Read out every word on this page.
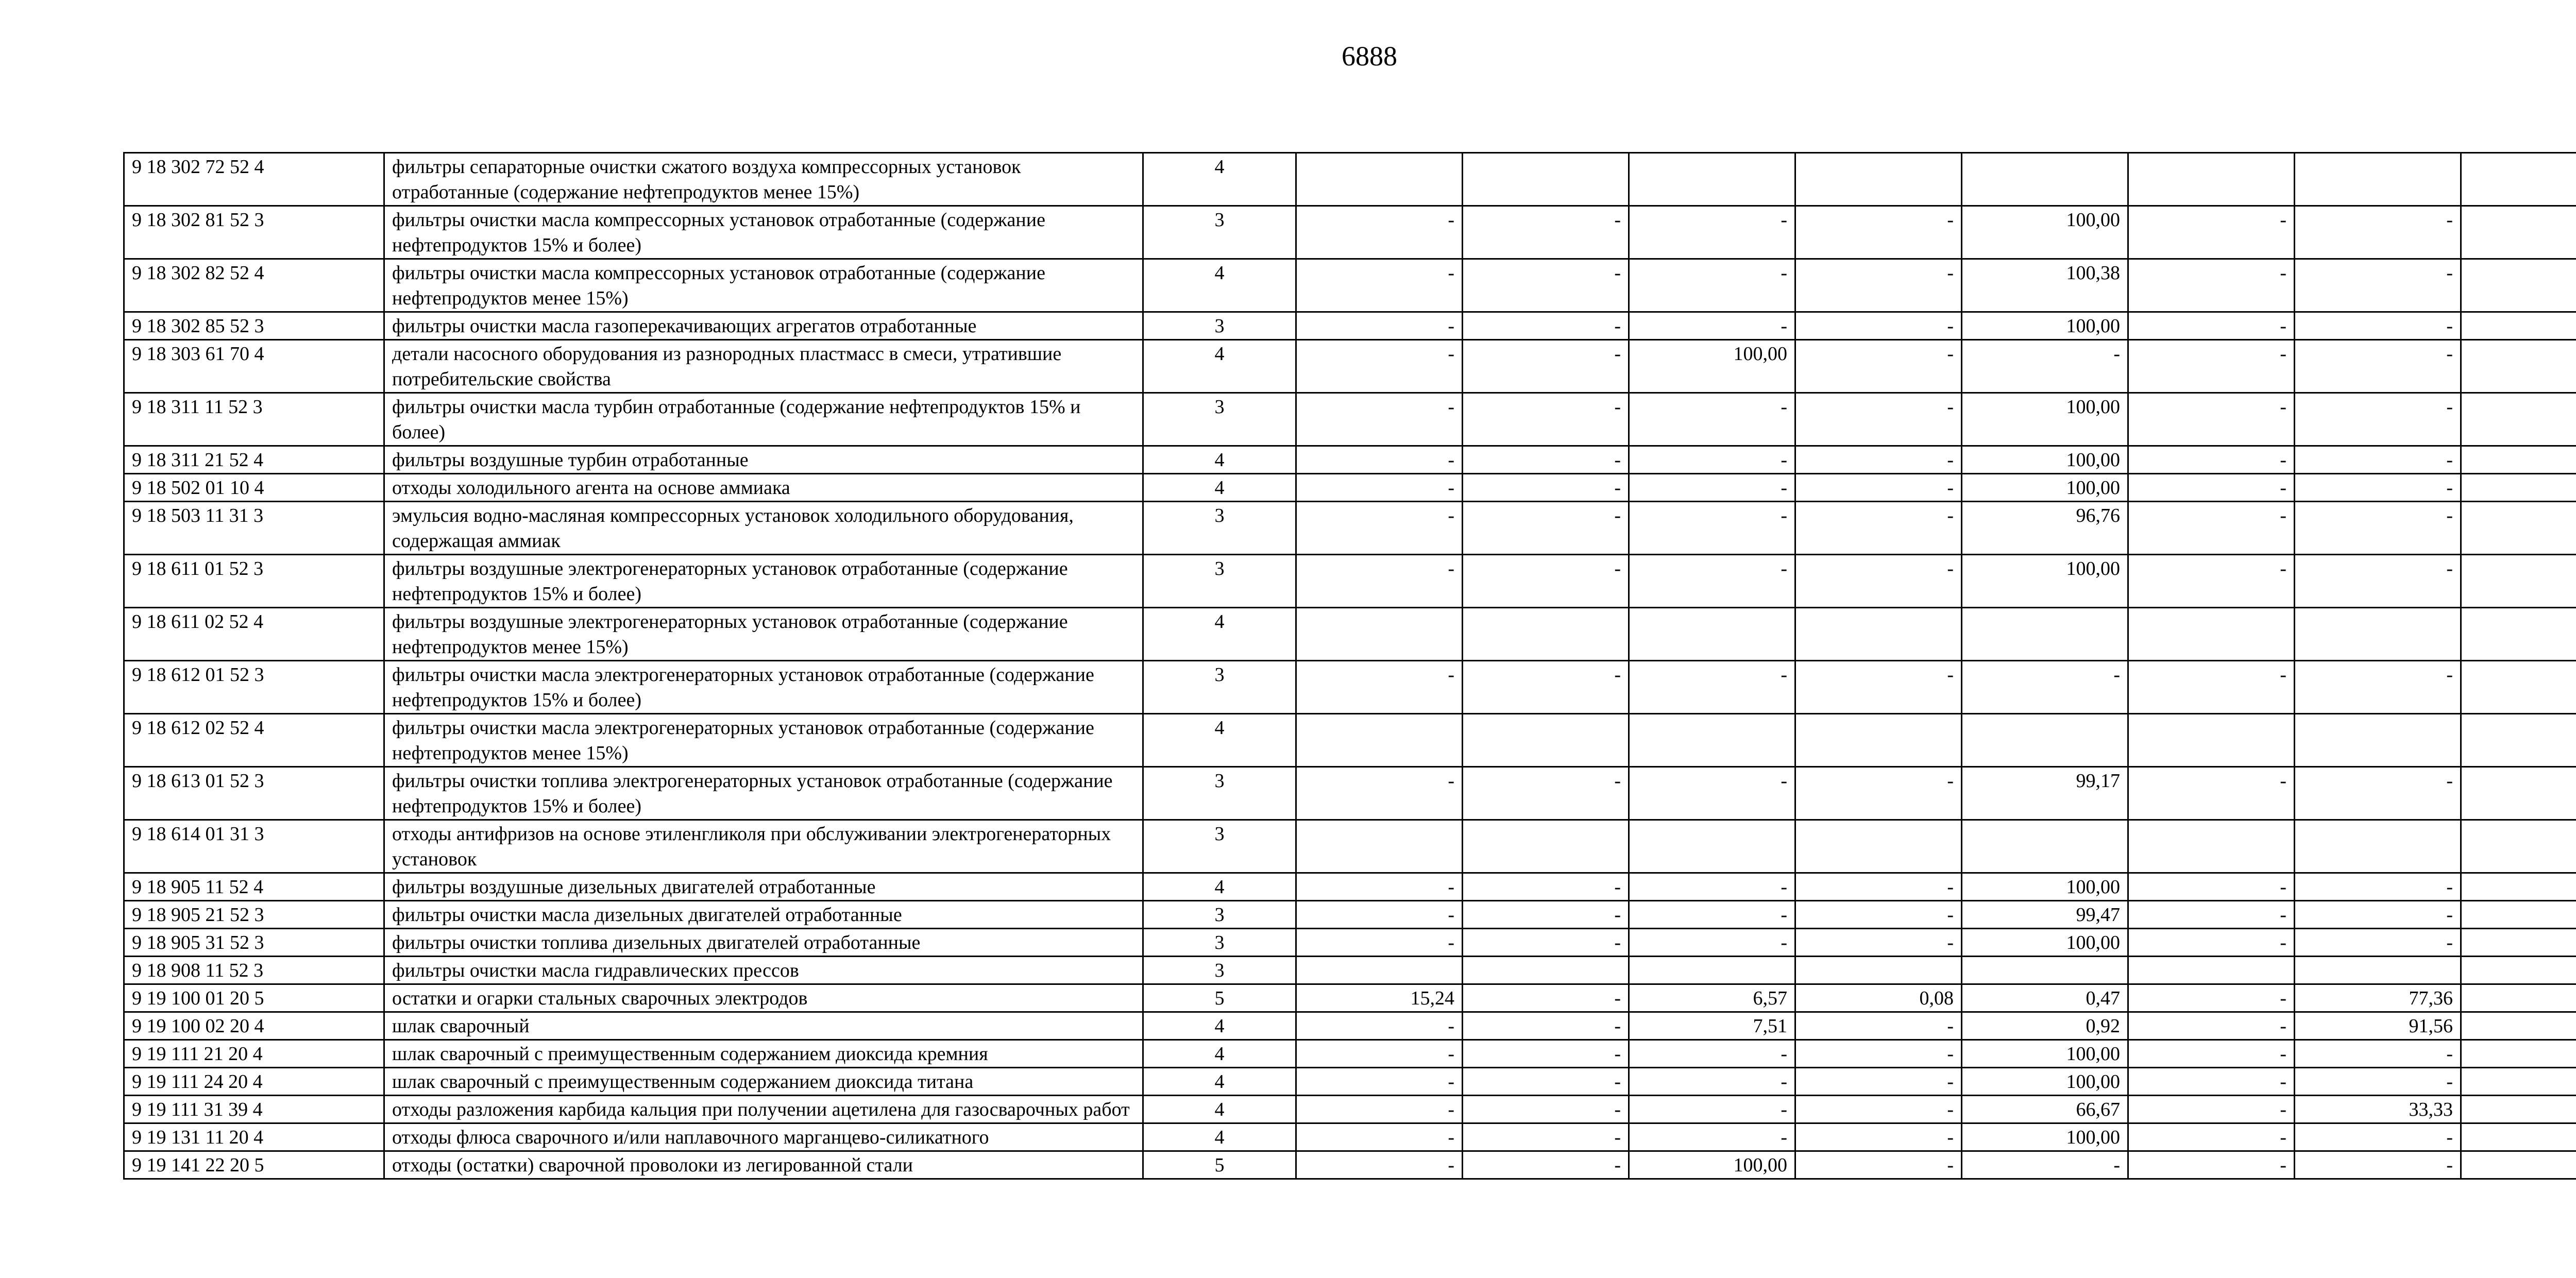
6888
9 18 302 72 52 4	фильтры сепараторные очистки сжатого воздуха компрессорных установок отработанные (содержание нефтепродуктов менее 15%)	4								
9 18 302 81 52 3	фильтры очистки масла компрессорных установок отработанные (содержание нефтепродуктов 15% и более)	3	-	-	-	-	100,00	-	-	
9 18 302 82 52 4	фильтры очистки масла компрессорных установок отработанные (содержание нефтепродуктов менее 15%)	4	-	-	-	-	100,38	-	-	
9 18 302 85 52 3	фильтры очистки масла газоперекачивающих агрегатов отработанные	3	-	-	-	-	100,00	-	-	
9 18 303 61 70 4	детали насосного оборудования из разнородных пластмасс в смеси, утратившие потребительские свойства	4	-	-	100,00	-	-	-	-	
9 18 311 11 52 3	фильтры очистки масла турбин отработанные (содержание нефтепродуктов 15% и более)	3	-	-	-	-	100,00	-	-	
9 18 311 21 52 4	фильтры воздушные турбин отработанные	4	-	-	-	-	100,00	-	-	
9 18 502 01 10 4	отходы холодильного агента на основе аммиака	4	-	-	-	-	100,00	-	-	
9 18 503 11 31 3	эмульсия водно-масляная компрессорных установок холодильного оборудования, содержащая аммиак	3	-	-	-	-	96,76	-	-	
9 18 611 01 52 3	фильтры воздушные электрогенераторных установок отработанные (содержание нефтепродуктов 15% и более)	3	-	-	-	-	100,00	-	-	
9 18 611 02 52 4	фильтры воздушные электрогенераторных установок отработанные (содержание нефтепродуктов менее 15%)	4								
9 18 612 01 52 3	фильтры очистки масла электрогенераторных установок отработанные (содержание нефтепродуктов 15% и более)	3	-	-	-	-	-	-	-	
9 18 612 02 52 4	фильтры очистки масла электрогенераторных установок отработанные (содержание нефтепродуктов менее 15%)	4								
9 18 613 01 52 3	фильтры очистки топлива электрогенераторных установок отработанные (содержание нефтепродуктов 15% и более)	3	-	-	-	-	99,17	-	-	
9 18 614 01 31 3	отходы антифризов на основе этиленгликоля при обслуживании электрогенераторных установок	3								
9 18 905 11 52 4	фильтры воздушные дизельных двигателей отработанные	4	-	-	-	-	100,00	-	-	
9 18 905 21 52 3	фильтры очистки масла дизельных двигателей отработанные	3	-	-	-	-	99,47	-	-	
9 18 905 31 52 3	фильтры очистки топлива дизельных двигателей отработанные	3	-	-	-	-	100,00	-	-	
9 18 908 11 52 3	фильтры очистки масла гидравлических прессов	3								
9 19 100 01 20 5	остатки и огарки стальных сварочных электродов	5	15,24	-	6,57	0,08	0,47	-	77,36	
9 19 100 02 20 4	шлак сварочный	4	-	-	7,51	-	0,92	-	91,56	
9 19 111 21 20 4	шлак сварочный с преимущественным содержанием диоксида кремния	4	-	-	-	-	100,00	-	-	
9 19 111 24 20 4	шлак сварочный с преимущественным содержанием диоксида титана	4	-	-	-	-	100,00	-	-	
9 19 111 31 39 4	отходы разложения карбида кальция при получении ацетилена для газосварочных работ	4	-	-	-	-	66,67	-	33,33	
9 19 131 11 20 4	отходы флюса сварочного и/или наплавочного марганцево-силикатного	4	-	-	-	-	100,00	-	-	
9 19 141 22 20 5	отходы (остатки) сварочной проволоки из легированной стали	5	-	-	100,00	-	-	-	-	
